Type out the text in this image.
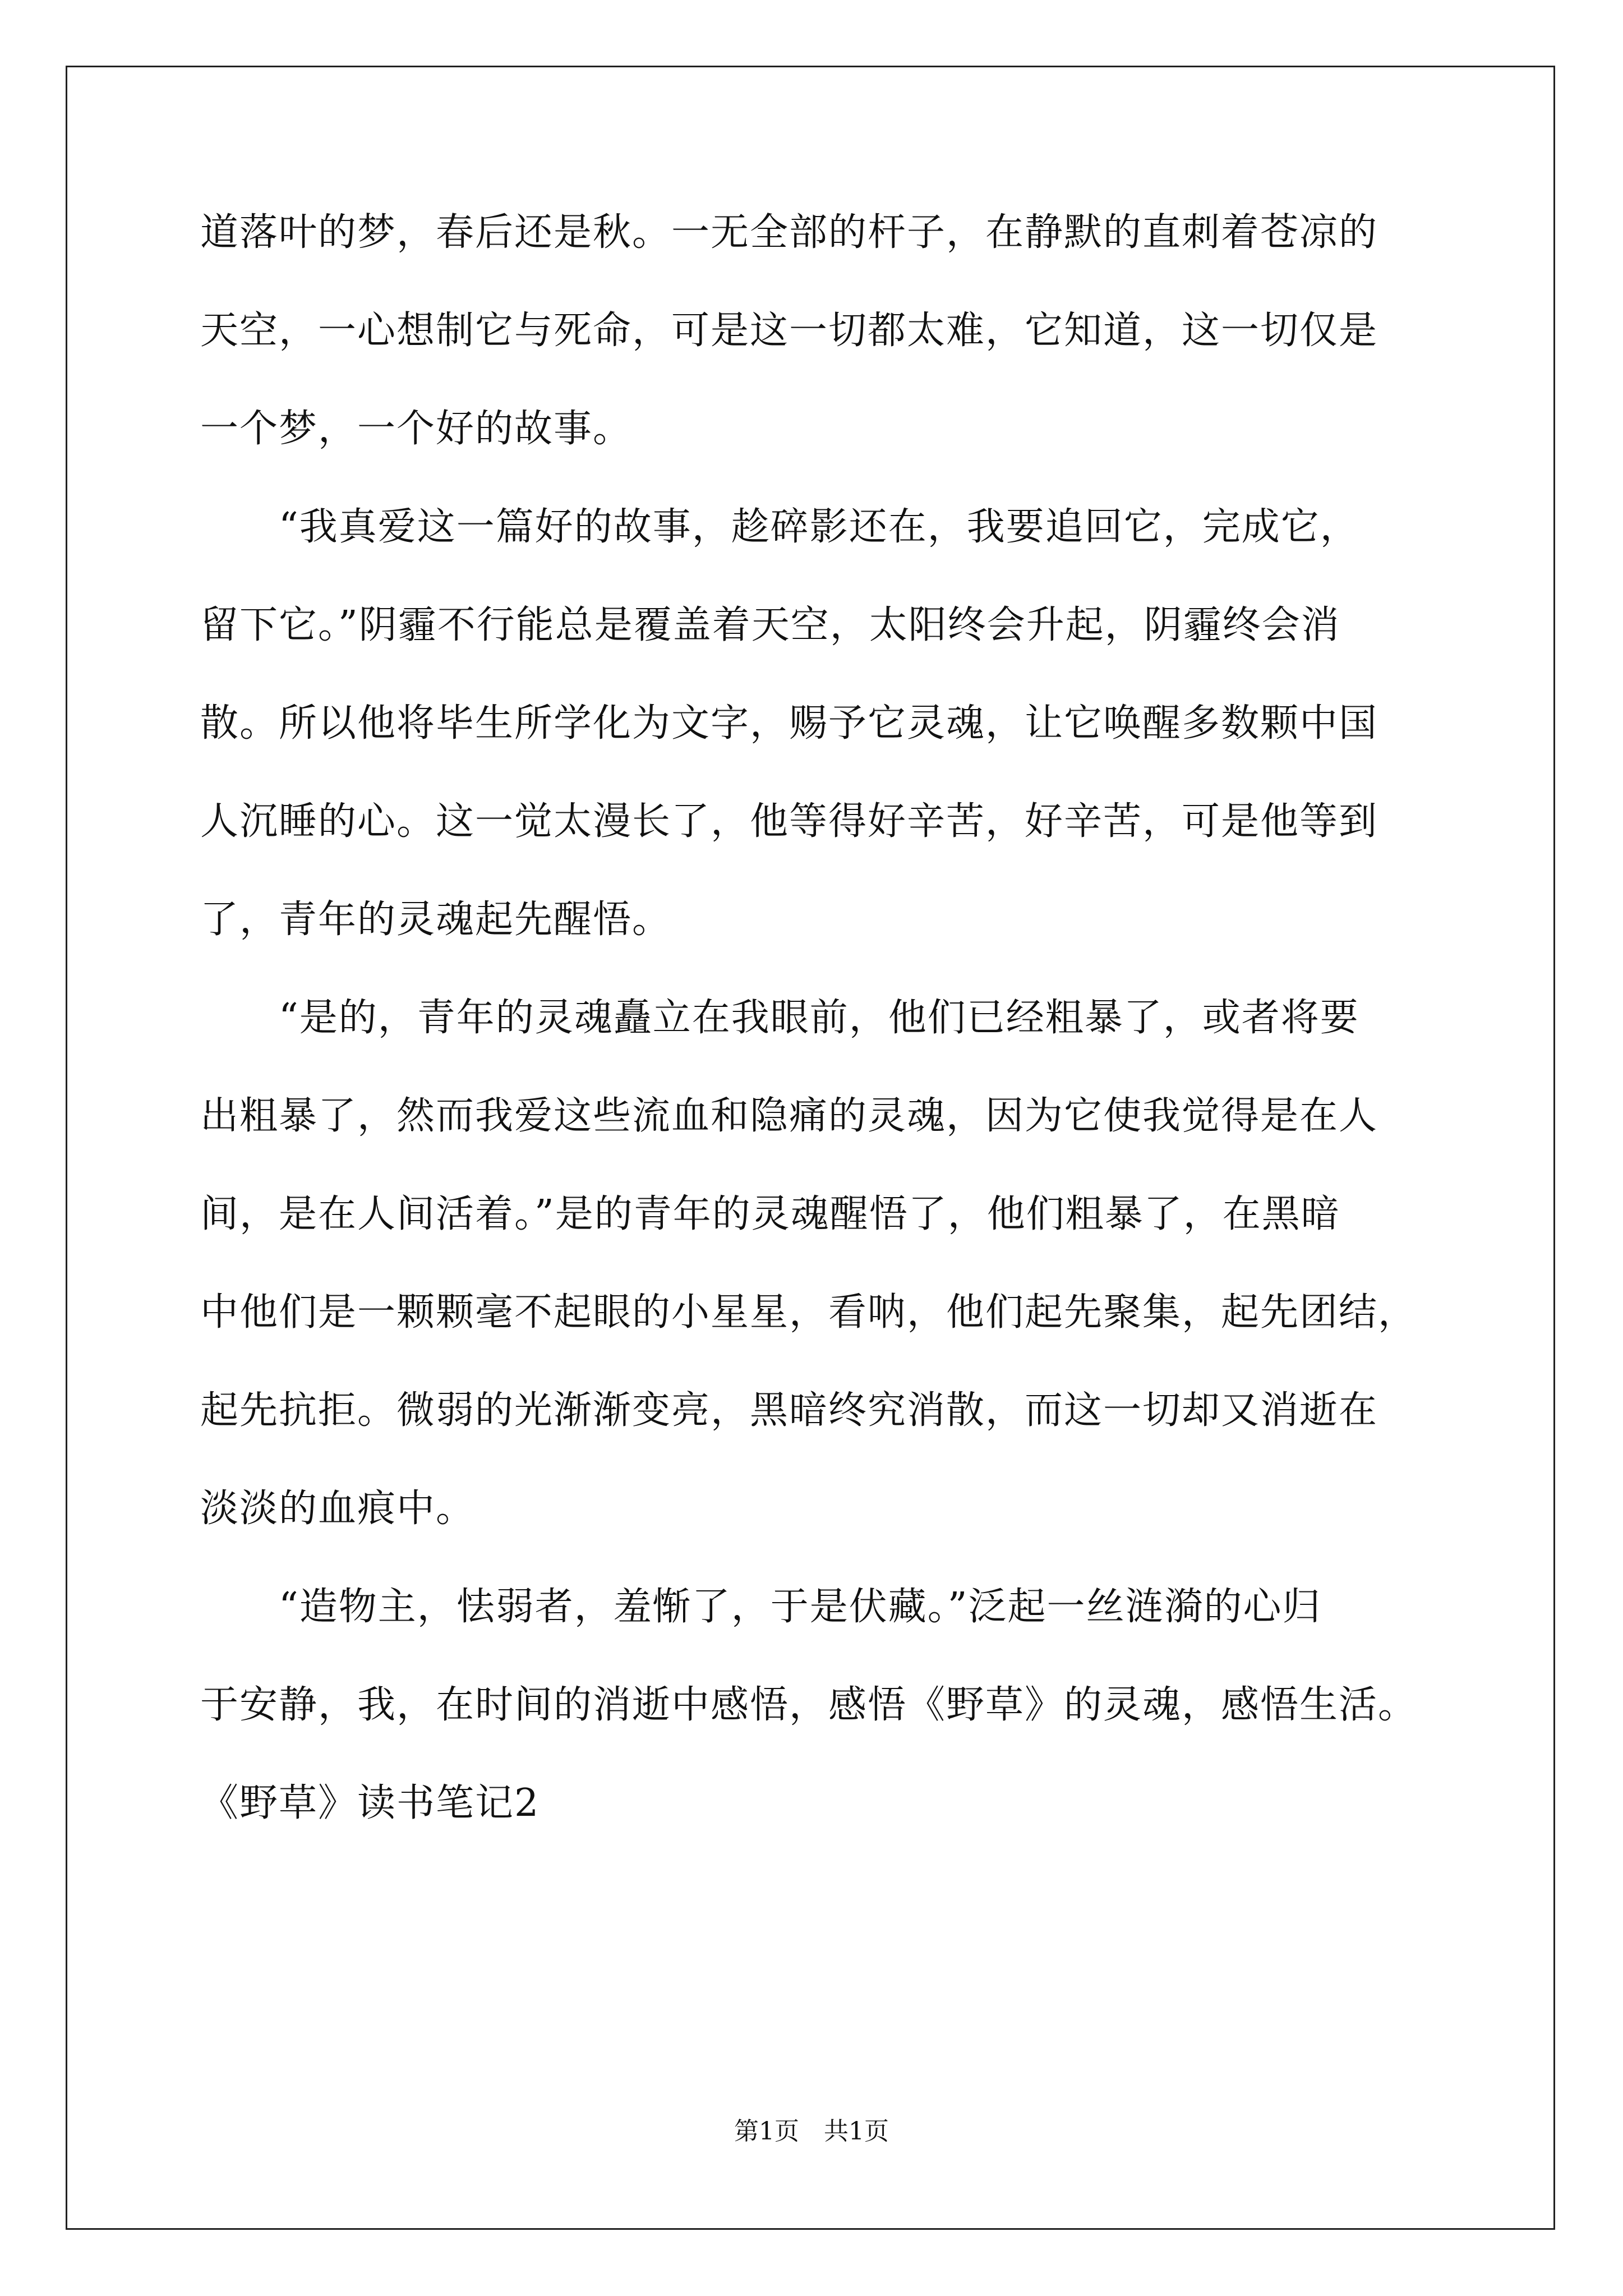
道落叶的梦，春后还是秋。一无全部的杆子，在静默的直刺着苍凉的
天空，一心想制它与死命，可是这一切都太难，它知道，这一切仅是
一个梦，一个好的故事。
　　“我真爱这一篇好的故事，趁碎影还在，我要追回它，完成它，
留下它。”阴霾不行能总是覆盖着天空，太阳终会升起，阴霾终会消
散。所以他将毕生所学化为文字，赐予它灵魂，让它唤醒多数颗中国
人沉睡的心。这一觉太漫长了，他等得好辛苦，好辛苦，可是他等到
了，青年的灵魂起先醒悟。
　　“是的，青年的灵魂矗立在我眼前，他们已经粗暴了，或者将要
出粗暴了，然而我爱这些流血和隐痛的灵魂，因为它使我觉得是在人
间，是在人间活着。”是的青年的灵魂醒悟了，他们粗暴了，在黑暗
中他们是一颗颗毫不起眼的小星星，看呐，他们起先聚集，起先团结，
起先抗拒。微弱的光渐渐变亮，黑暗终究消散，而这一切却又消逝在
淡淡的血痕中。
　　“造物主，怯弱者，羞惭了，于是伏藏。”泛起一丝涟漪的心归
于安静，我，在时间的消逝中感悟，感悟《野草》的灵魂，感悟生活。
《野草》读书笔记2
第1页　共1页
